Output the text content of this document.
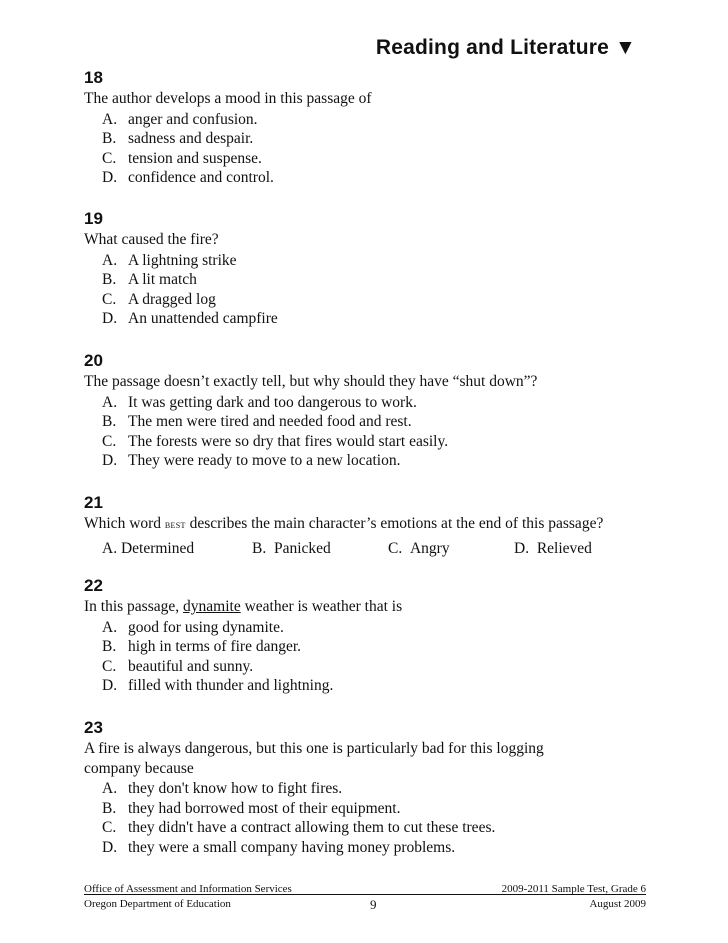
Reading and Literature ▼
18
The author develops a mood in this passage of
A. anger and confusion.
B. sadness and despair.
C. tension and suspense.
D. confidence and control.
19
What caused the fire?
A. A lightning strike
B. A lit match
C. A dragged log
D. An unattended campfire
20
The passage doesn’t exactly tell, but why should they have “shut down”?
A. It was getting dark and too dangerous to work.
B. The men were tired and needed food and rest.
C. The forests were so dry that fires would start easily.
D. They were ready to move to a new location.
21
Which word best describes the main character’s emotions at the end of this passage?
A. Determined	B. Panicked	C. Angry	D. Relieved
22
In this passage, dynamite weather is weather that is
A. good for using dynamite.
B. high in terms of fire danger.
C. beautiful and sunny.
D. filled with thunder and lightning.
23
A fire is always dangerous, but this one is particularly bad for this logging
company because
A. they don't know how to fight fires.
B. they had borrowed most of their equipment.
C. they didn't have a contract allowing them to cut these trees.
D. they were a small company having money problems.
Office of Assessment and Information Services	2009-2011 Sample Test, Grade 6
Oregon Department of Education	9	August 2009
